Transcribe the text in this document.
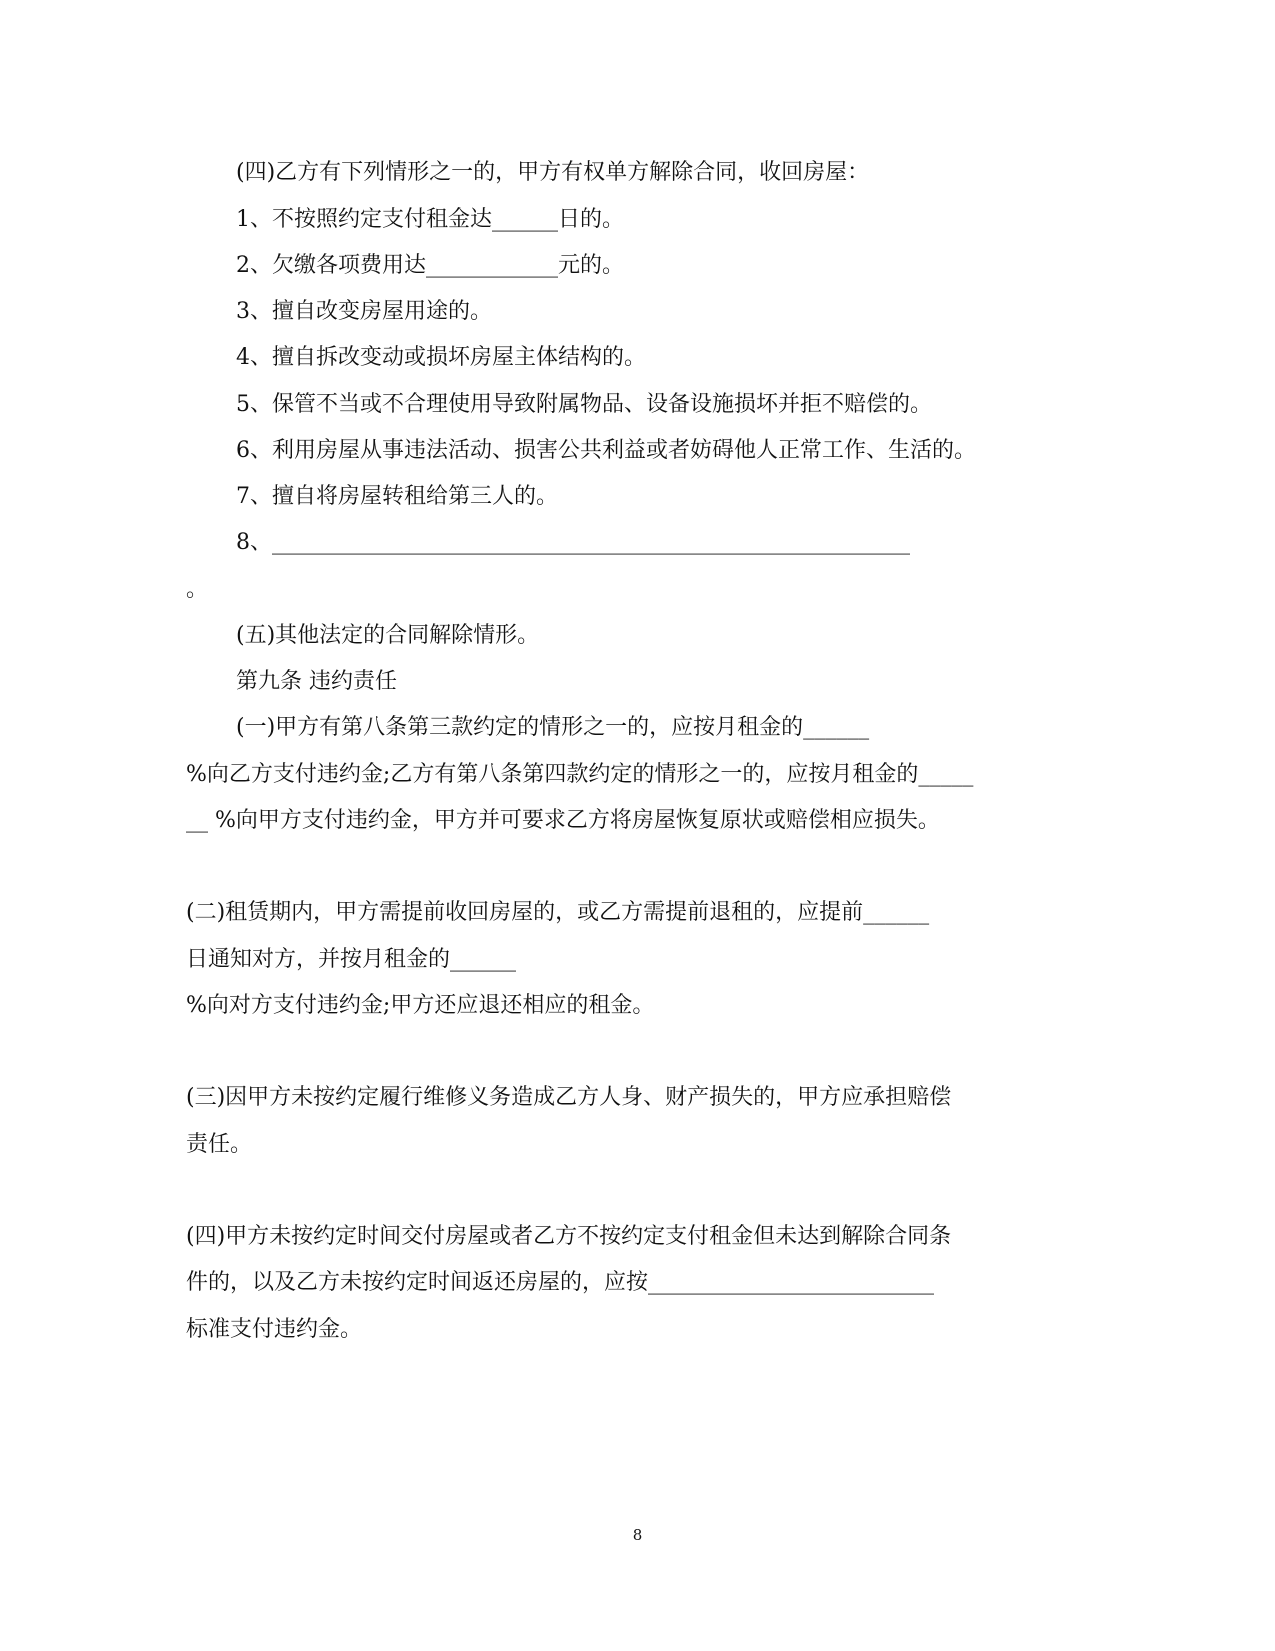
(四)乙方有下列情形之一的，甲方有权单方解除合同，收回房屋：

1、不按照约定支付租金达______日的。

2、欠缴各项费用达____________元的。

3、擅自改变房屋用途的。

4、擅自拆改变动或损坏房屋主体结构的。

5、保管不当或不合理使用导致附属物品、设备设施损坏并拒不赔偿的。

6、利用房屋从事违法活动、损害公共利益或者妨碍他人正常工作、生活的。

7、擅自将房屋转租给第三人的。

8、__________________________________________________________

。

(五)其他法定的合同解除情形。

第九条 违约责任

(一)甲方有第八条第三款约定的情形之一的，应按月租金的______

%向乙方支付违约金;乙方有第八条第四款约定的情形之一的，应按月租金的_____

__ %向甲方支付违约金，甲方并可要求乙方将房屋恢复原状或赔偿相应损失。

(二)租赁期内，甲方需提前收回房屋的，或乙方需提前退租的，应提前______

日通知对方，并按月租金的______

%向对方支付违约金;甲方还应退还相应的租金。

(三)因甲方未按约定履行维修义务造成乙方人身、财产损失的，甲方应承担赔偿

责任。

(四)甲方未按约定时间交付房屋或者乙方不按约定支付租金但未达到解除合同条

件的，以及乙方未按约定时间返还房屋的，应按__________________________

标准支付违约金。

8
